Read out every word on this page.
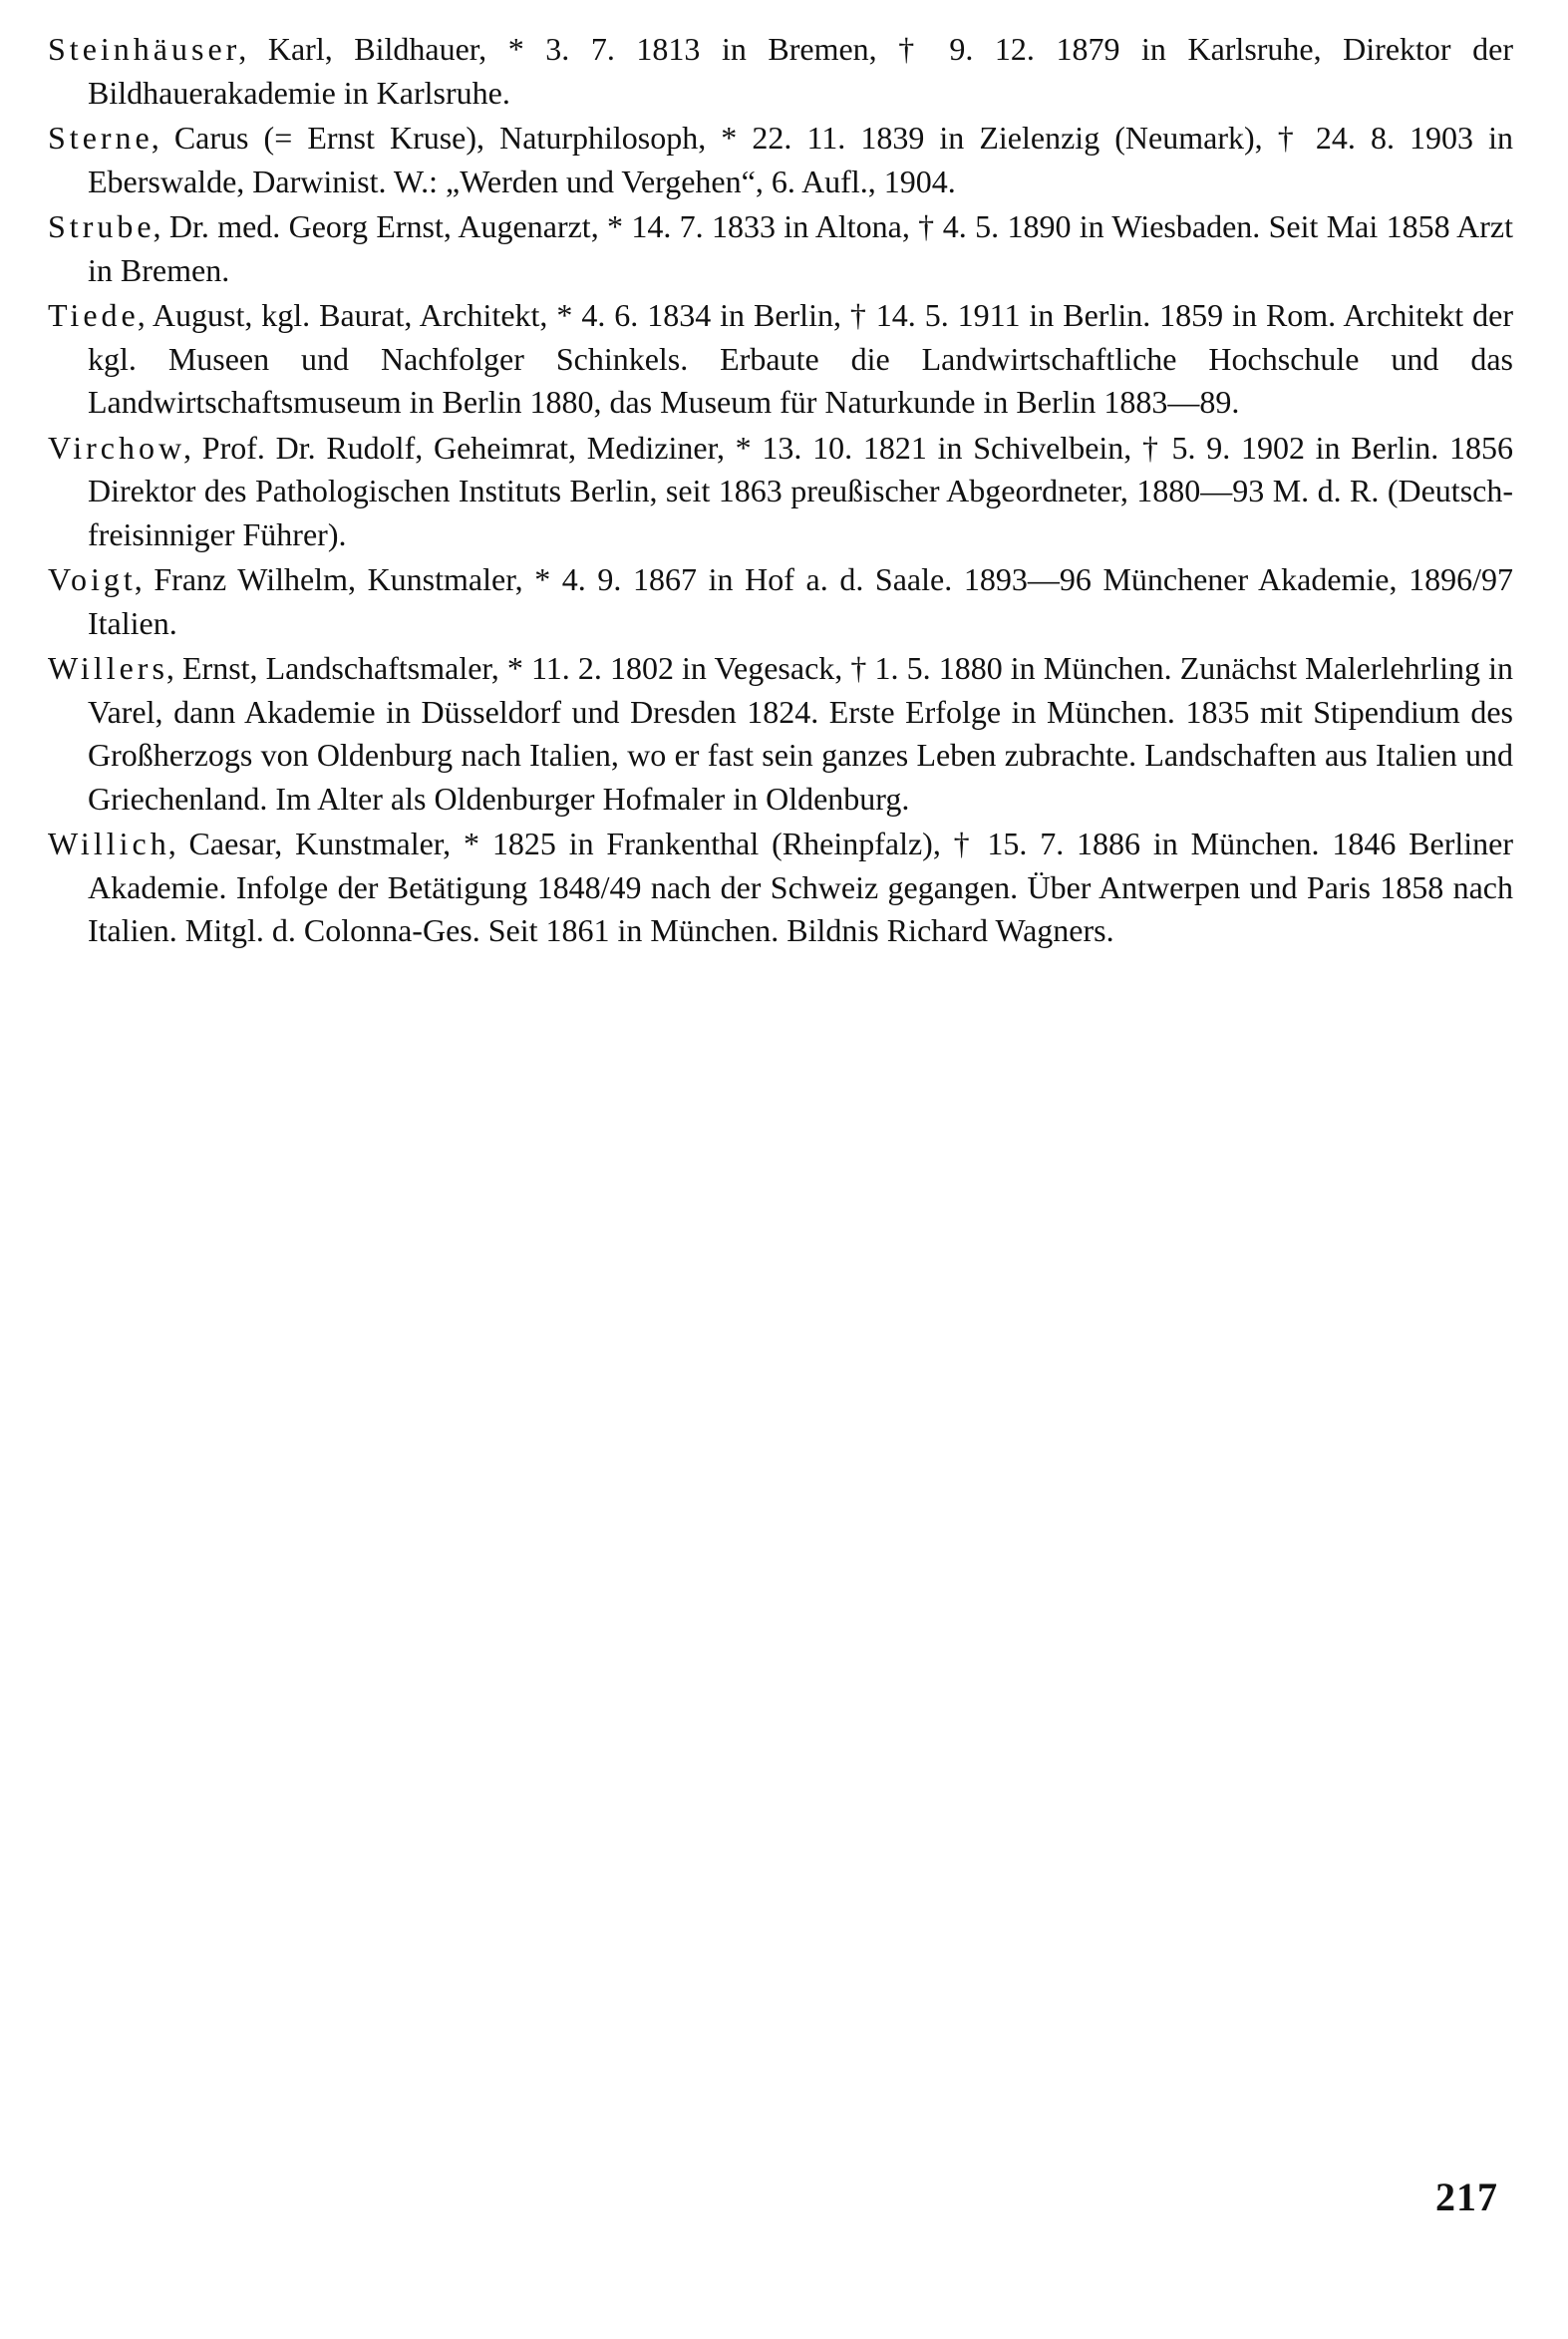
Steinhäuser, Karl, Bildhauer, * 3. 7. 1813 in Bremen, † 9. 12. 1879 in Karlsruhe, Direktor der Bildhauerakademie in Karlsruhe.

Sterne, Carus (= Ernst Kruse), Naturphilosoph, * 22. 11. 1839 in Zielenzig (Neumark), † 24. 8. 1903 in Eberswalde, Darwinist. W.: „Werden und Vergehen“, 6. Aufl., 1904.

Strube, Dr. med. Georg Ernst, Augenarzt, * 14. 7. 1833 in Altona, † 4. 5. 1890 in Wiesbaden. Seit Mai 1858 Arzt in Bremen.

Tiede, August, kgl. Baurat, Architekt, * 4. 6. 1834 in Berlin, † 14. 5. 1911 in Berlin. 1859 in Rom. Architekt der kgl. Museen und Nachfolger Schinkels. Erbaute die Landwirtschaftliche Hochschule und das Landwirtschaftsmuseum in Berlin 1880, das Museum für Naturkunde in Berlin 1883—89.

Virchow, Prof. Dr. Rudolf, Geheimrat, Mediziner, * 13. 10. 1821 in Schivelbein, † 5. 9. 1902 in Berlin. 1856 Direktor des Pathologischen Instituts Berlin, seit 1863 preußischer Abgeordneter, 1880—93 M. d. R. (Deutsch-freisinniger Führer).

Voigt, Franz Wilhelm, Kunstmaler, * 4. 9. 1867 in Hof a. d. Saale. 1893—96 Münchener Akademie, 1896/97 Italien.

Willers, Ernst, Landschaftsmaler, * 11. 2. 1802 in Vegesack, † 1. 5. 1880 in München. Zunächst Malerlehrling in Varel, dann Akademie in Düsseldorf und Dresden 1824. Erste Erfolge in München. 1835 mit Stipendium des Großherzogs von Oldenburg nach Italien, wo er fast sein ganzes Leben zubrachte. Landschaften aus Italien und Griechenland. Im Alter als Oldenburger Hofmaler in Oldenburg.

Willich, Caesar, Kunstmaler, * 1825 in Frankenthal (Rheinpfalz), † 15. 7. 1886 in München. 1846 Berliner Akademie. Infolge der Betätigung 1848/49 nach der Schweiz gegangen. Über Antwerpen und Paris 1858 nach Italien. Mitgl. d. Colonna-Ges. Seit 1861 in München. Bildnis Richard Wagners.

217
